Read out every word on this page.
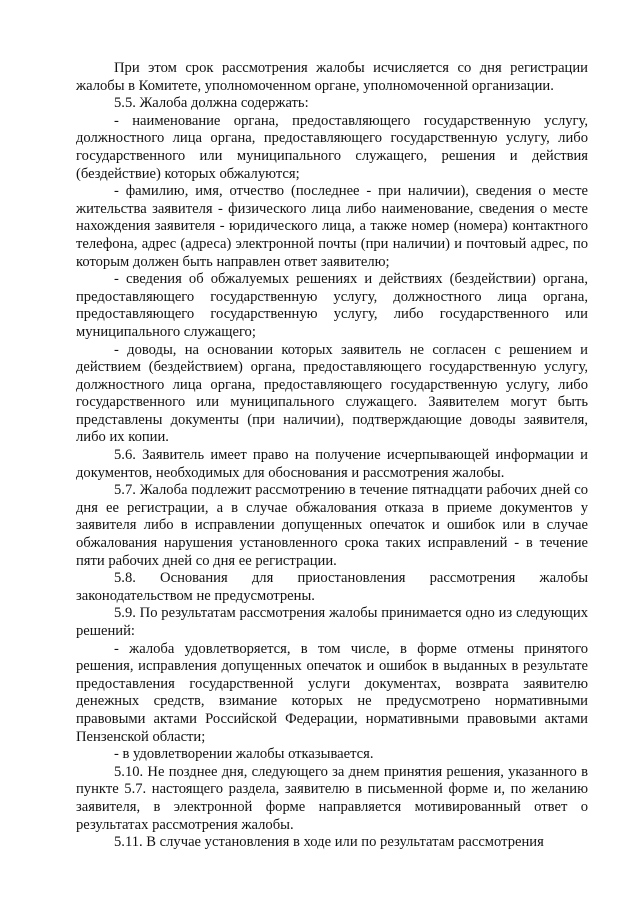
При этом срок рассмотрения жалобы исчисляется со дня регистрации жалобы в Комитете, уполномоченном органе, уполномоченной организации.

5.5. Жалоба должна содержать:

- наименование органа, предоставляющего государственную услугу, должностного лица органа, предоставляющего государственную услугу, либо государственного или муниципального служащего, решения и действия (бездействие) которых обжалуются;

- фамилию, имя, отчество (последнее - при наличии), сведения о месте жительства заявителя - физического лица либо наименование, сведения о месте нахождения заявителя - юридического лица, а также номер (номера) контактного телефона, адрес (адреса) электронной почты (при наличии) и почтовый адрес, по которым должен быть направлен ответ заявителю;

- сведения об обжалуемых решениях и действиях (бездействии) органа, предоставляющего государственную услугу, должностного лица органа, предоставляющего государственную услугу, либо государственного или муниципального служащего;

- доводы, на основании которых заявитель не согласен с решением и действием (бездействием) органа, предоставляющего государственную услугу, должностного лица органа, предоставляющего государственную услугу, либо государственного или муниципального служащего. Заявителем могут быть представлены документы (при наличии), подтверждающие доводы заявителя, либо их копии.

5.6. Заявитель имеет право на получение исчерпывающей информации и документов, необходимых для обоснования и рассмотрения жалобы.

5.7. Жалоба подлежит рассмотрению в течение пятнадцати рабочих дней со дня ее регистрации, а в случае обжалования отказа в приеме документов у заявителя либо в исправлении допущенных опечаток и ошибок или в случае обжалования нарушения установленного срока таких исправлений - в течение пяти рабочих дней со дня ее регистрации.

5.8. Основания для приостановления рассмотрения жалобы законодательством не предусмотрены.

5.9. По результатам рассмотрения жалобы принимается одно из следующих решений:

- жалоба удовлетворяется, в том числе, в форме отмены принятого решения, исправления допущенных опечаток и ошибок в выданных в результате предоставления государственной услуги документах, возврата заявителю денежных средств, взимание которых не предусмотрено нормативными правовыми актами Российской Федерации, нормативными правовыми актами Пензенской области;

- в удовлетворении жалобы отказывается.

5.10. Не позднее дня, следующего за днем принятия решения, указанного в пункте 5.7. настоящего раздела, заявителю в письменной форме и, по желанию заявителя, в электронной форме направляется мотивированный ответ о результатах рассмотрения жалобы.

5.11. В случае установления в ходе или по результатам рассмотрения
